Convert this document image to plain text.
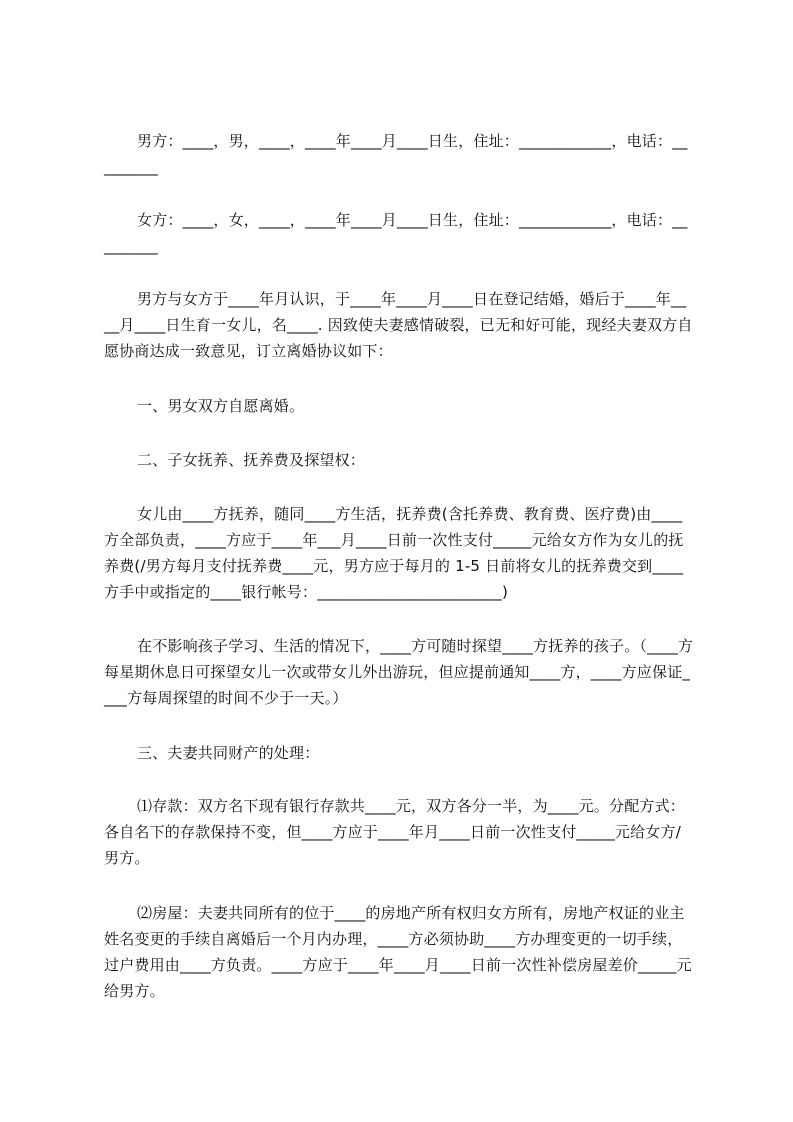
男方：____，男，____，____年____月____日生，住址：____________，电话：_________
女方：____，女，____，____年____月____日生，住址：____________，电话：_________
男方与女方于____年月认识，于____年____月____日在登记结婚，婚后于____年____月____日生育一女儿，名____. 因致使夫妻感情破裂，已无和好可能，现经夫妻双方自愿协商达成一致意见，订立离婚协议如下：
一、男女双方自愿离婚。
二、子女抚养、抚养费及探望权：
女儿由____方抚养，随同____方生活，抚养费(含托养费、教育费、医疗费)由____方全部负责，____方应于____年___月____日前一次性支付_____元给女方作为女儿的抚养费(/男方每月支付抚养费____元，男方应于每月的 1-5 日前将女儿的抚养费交到____方手中或指定的____银行帐号：________________________)
在不影响孩子学习、生活的情况下，____方可随时探望____方抚养的孩子。（____方每星期休息日可探望女儿一次或带女儿外出游玩，但应提前通知____方，____方应保证____方每周探望的时间不少于一天。）
三、夫妻共同财产的处理：
⑴存款：双方名下现有银行存款共____元，双方各分一半，为____元。分配方式：各自名下的存款保持不变，但____方应于____年月____日前一次性支付_____元给女方/男方。
⑵房屋：夫妻共同所有的位于____的房地产所有权归女方所有，房地产权证的业主姓名变更的手续自离婚后一个月内办理，____方必须协助____方办理变更的一切手续，过户费用由____方负责。____方应于____年____月____日前一次性补偿房屋差价_____元给男方。
